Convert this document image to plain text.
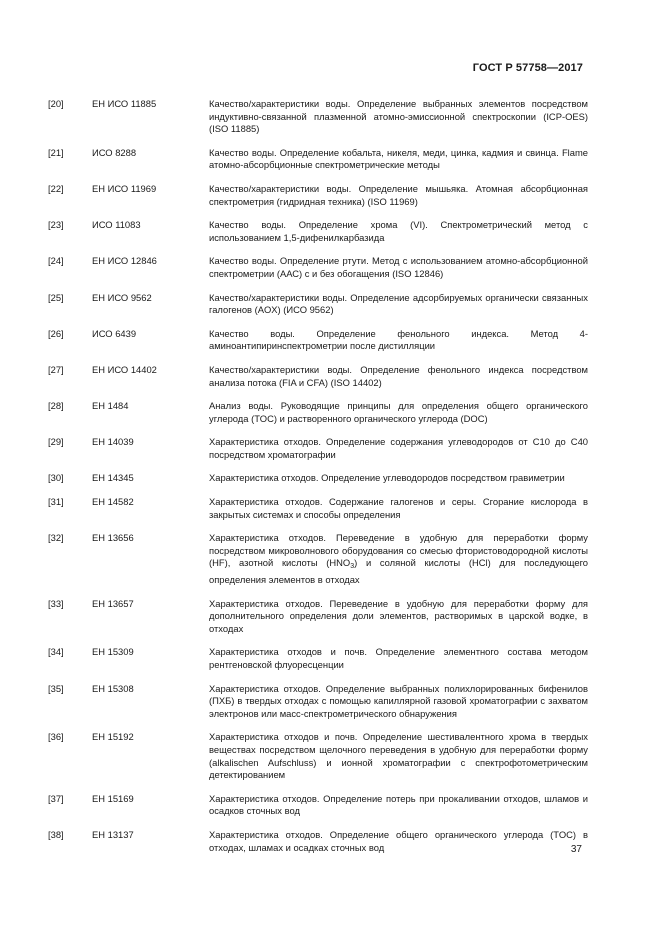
ГОСТ Р 57758—2017
[20]	ЕН ИСО 11885	Качество/характеристики воды. Определение выбранных элементов посредством индуктивно-связанной плазменной атомно-эмиссионной спектроскопии (ICP-OES) (ISO 11885)
[21]	ИСО 8288	Качество воды. Определение кобальта, никеля, меди, цинка, кадмия и свинца. Flame атомно-абсорбционные спектрометрические методы
[22]	ЕН ИСО 11969	Качество/характеристики воды. Определение мышьяка. Атомная абсорбционная спектрометрия (гидридная техника) (ISO 11969)
[23]	ИСО 11083	Качество воды. Определение хрома (VI). Спектрометрический метод с использованием 1,5-дифенилкарбазида
[24]	ЕН ИСО 12846	Качество воды. Определение ртути. Метод с использованием атомно-абсорбционной спектрометрии (ААС) с и без обогащения (ISO 12846)
[25]	ЕН ИСО 9562	Качество/характеристики воды. Определение адсорбируемых органически связанных галогенов (AOX) (ИСО 9562)
[26]	ИСО 6439	Качество воды. Определение фенольного индекса. Метод 4- аминоантипиринспектрометрии после дистилляции
[27]	ЕН ИСО 14402	Качество/характеристики воды. Определение фенольного индекса посредством анализа потока (FIA и CFA) (ISO 14402)
[28]	ЕН 1484	Анализ воды. Руководящие принципы для определения общего органического углерода (TOC) и растворенного органического углерода (DOC)
[29]	ЕН 14039	Характеристика отходов. Определение содержания углеводородов от C10 до C40 посредством хроматографии
[30]	ЕН 14345	Характеристика отходов. Определение углеводородов посредством гравиметрии
[31]	ЕН 14582	Характеристика отходов. Содержание галогенов и серы. Сгорание кислорода в закрытых системах и способы определения
[32]	ЕН 13656	Характеристика отходов. Переведение в удобную для переработки форму посредством микроволнового оборудования со смесью фтористоводородной кислоты (HF), азотной кислоты $(HNO_3)$ и соляной кислоты (HCl) для последующего определения элементов в отходах
[33]	ЕН 13657	Характеристика отходов. Переведение в удобную для переработки форму для дополнительного определения доли элементов, растворимых в царской водке, в отходах
[34]	ЕН 15309	Характеристика отходов и почв. Определение элементного состава методом рентгеновской флуоресценции
[35]	ЕН 15308	Характеристика отходов. Определение выбранных полихлорированных бифенилов (ПХБ) в твердых отходах с помощью капиллярной газовой хроматографии с захватом электронов или масс-спектрометрического обнаружения
[36]	ЕН 15192	Характеристика отходов и почв. Определение шестивалентного хрома в твердых веществах посредством щелочного переведения в удобную для переработки форму (alkalischen Aufschluss) и ионной хроматографии с спектрофотометрическим детектированием
[37]	ЕН 15169	Характеристика отходов. Определение потерь при прокаливании отходов, шламов и осадков сточных вод
[38]	ЕН 13137	Характеристика отходов. Определение общего органического углерода (TOC) в отходах, шламах и осадках сточных вод	37
